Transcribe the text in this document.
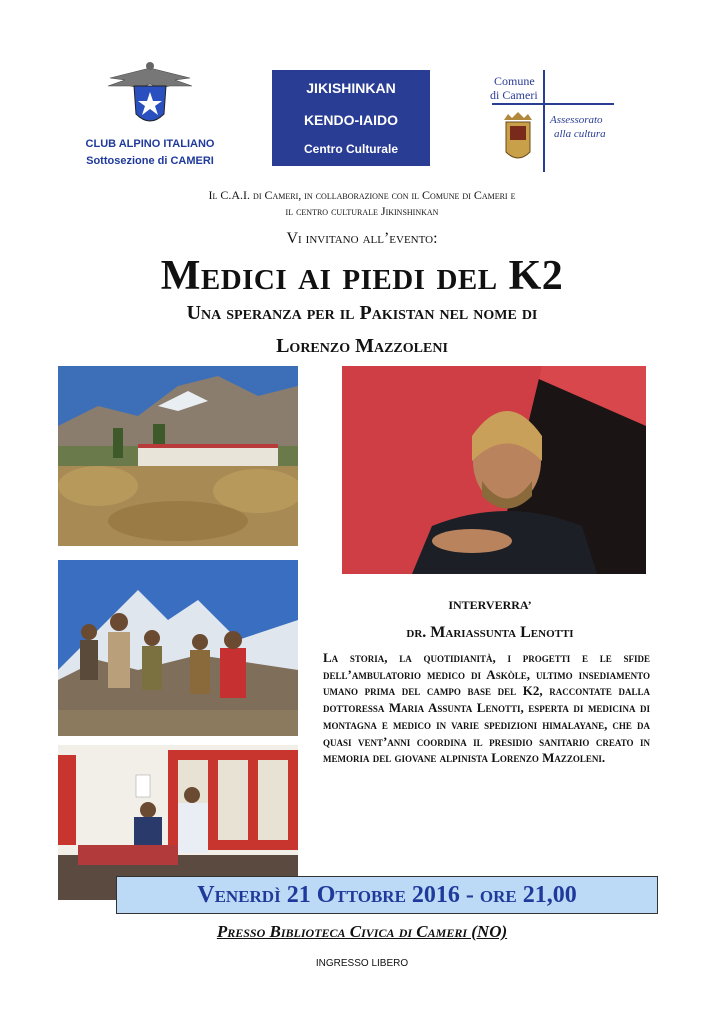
CLUB ALPINO ITALIANO
Sottosezione di CAMERI
JIKISHINKAN
KENDO-IAIDO
Centro Culturale
Comune
di Cameri
Assessorato
alla cultura
Il C.A.I. di Cameri, in collaborazione con il Comune di Cameri e
il centro culturale Jikinshinkan
Vi invitano all’evento:
Medici ai piedi del K2
Una speranza per il Pakistan nel nome di
Lorenzo Mazzoleni
INTERVERRA’
dr. Mariassunta Lenotti
La storia, la quotidianità, i progetti e le sfide dell’ambulatorio medico di Askòle, ultimo insediamento umano prima del campo base del K2, raccontate dalla dottoressa Maria Assunta Lenotti, esperta di medicina di montagna e medico in varie spedizioni himalayane, che da quasi vent’anni coordina il presidio sanitario creato in memoria del giovane alpinista Lorenzo Mazzoleni.
Venerdì 21 Ottobre 2016 - ore 21,00
Presso Biblioteca Civica di Cameri (NO)
INGRESSO LIBERO
